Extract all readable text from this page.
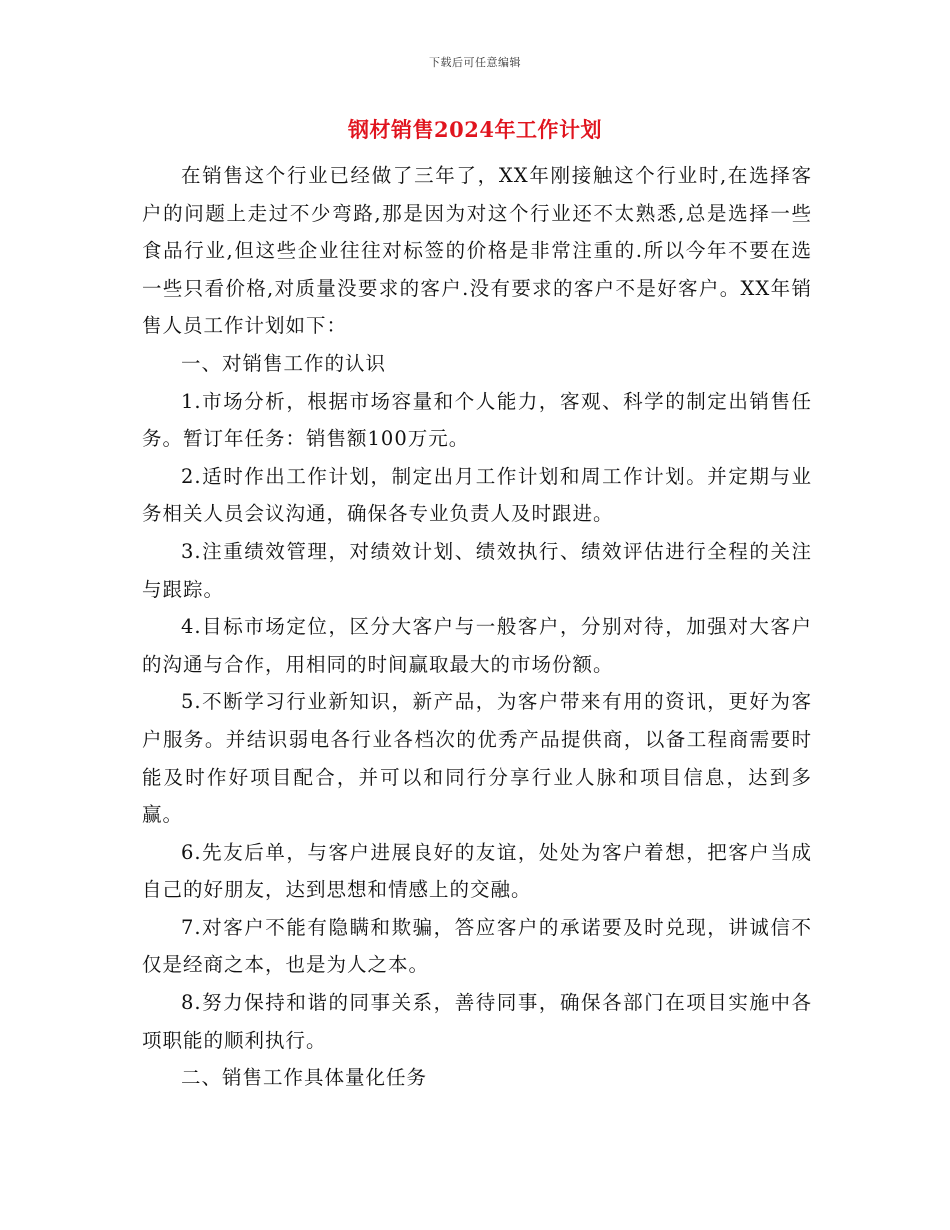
下载后可任意编辑
钢材销售2024年工作计划

在销售这个行业已经做了三年了，XX年刚接触这个行业时,在选择客户的问题上走过不少弯路,那是因为对这个行业还不太熟悉,总是选择一些食品行业,但这些企业往往对标签的价格是非常注重的.所以今年不要在选一些只看价格,对质量没要求的客户.没有要求的客户不是好客户。XX年销售人员工作计划如下：

一、对销售工作的认识

1.市场分析，根据市场容量和个人能力，客观、科学的制定出销售任务。暂订年任务：销售额100万元。

2.适时作出工作计划，制定出月工作计划和周工作计划。并定期与业务相关人员会议沟通，确保各专业负责人及时跟进。

3.注重绩效管理，对绩效计划、绩效执行、绩效评估进行全程的关注与跟踪。

4.目标市场定位，区分大客户与一般客户，分别对待，加强对大客户的沟通与合作，用相同的时间赢取最大的市场份额。

5.不断学习行业新知识，新产品，为客户带来有用的资讯，更好为客户服务。并结识弱电各行业各档次的优秀产品提供商，以备工程商需要时能及时作好项目配合，并可以和同行分享行业人脉和项目信息，达到多赢。

6.先友后单，与客户进展良好的友谊，处处为客户着想，把客户当成自己的好朋友，达到思想和情感上的交融。

7.对客户不能有隐瞒和欺骗，答应客户的承诺要及时兑现，讲诚信不仅是经商之本，也是为人之本。

8.努力保持和谐的同事关系，善待同事，确保各部门在项目实施中各项职能的顺利执行。

二、销售工作具体量化任务
